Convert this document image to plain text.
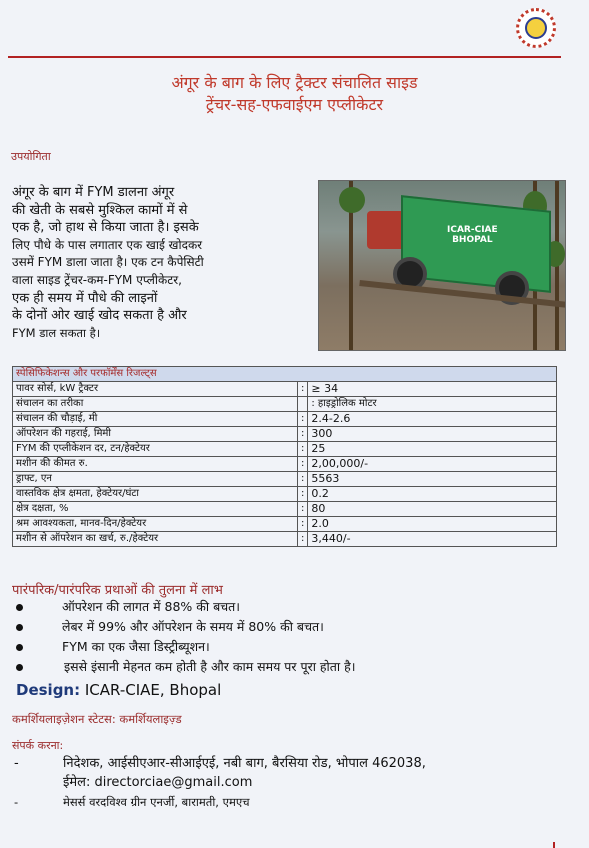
अंगूर के बाग के लिए ट्रैक्टर संचालित साइड
ट्रेंचर-सह-एफवाईएम एप्लीकेटर
उपयोगिता
अंगूर के बाग में FYM डालना अंगूर
की खेती के सबसे मुश्किल कामों में से
एक है, जो हाथ से किया जाता है। इसके
लिए पौधे के पास लगातार एक खाई खोदकर
उसमें FYM डाला जाता है। एक टन कैपेसिटी
वाला साइड ट्रेंचर-कम-FYM एप्लीकेटर,
एक ही समय में पौधे की लाइनों
के दोनों ओर खाई खोद सकता है और
FYM डाल सकता है।
ICAR-CIAE
BHOPAL
स्पेसिफिकेशन्स और परफॉर्मेंस रिजल्ट्स		
पावर सोर्स, kW ट्रैक्टर	:	≥ 34
संचालन का तरीका		: हाइड्रोलिक मोटर
संचालन की चौड़ाई, मी	:	2.4-2.6
ऑपरेशन की गहराई, मिमी	:	300
FYM की एप्लीकेशन दर, टन/हेक्टेयर	:	25
मशीन की कीमत रु.	:	2,00,000/-
ड्राफ्ट, एन	:	5563
वास्तविक क्षेत्र क्षमता, हेक्टेयर/घंटा	:	0.2
क्षेत्र दक्षता, %	:	80
श्रम आवश्यकता, मानव-दिन/हेक्टेयर	:	2.0
मशीन से ऑपरेशन का खर्च, रु./हेक्टेयर	:	3,440/-
पारंपरिक/पारंपरिक प्रथाओं की तुलना में लाभ
ऑपरेशन की लागत में 88% की बचत।
लेबर में 99% और ऑपरेशन के समय में 80% की बचत।
FYM का एक जैसा डिस्ट्रीब्यूशन।
इससे इंसानी मेहनत कम होती है और काम समय पर पूरा होता है।
Design: ICAR-CIAE, Bhopal
कमर्शियलाइज़ेशन स्टेटस: कमर्शियलाइज़्ड
संपर्क करना:
-	निदेशक, आईसीएआर-सीआईएई, नबी बाग, बैरसिया रोड, भोपाल 462038,
ईमेल: directorciae@gmail.com
-	मेसर्स वरदविश्व ग्रीन एनर्जी, बारामती, एमएच
